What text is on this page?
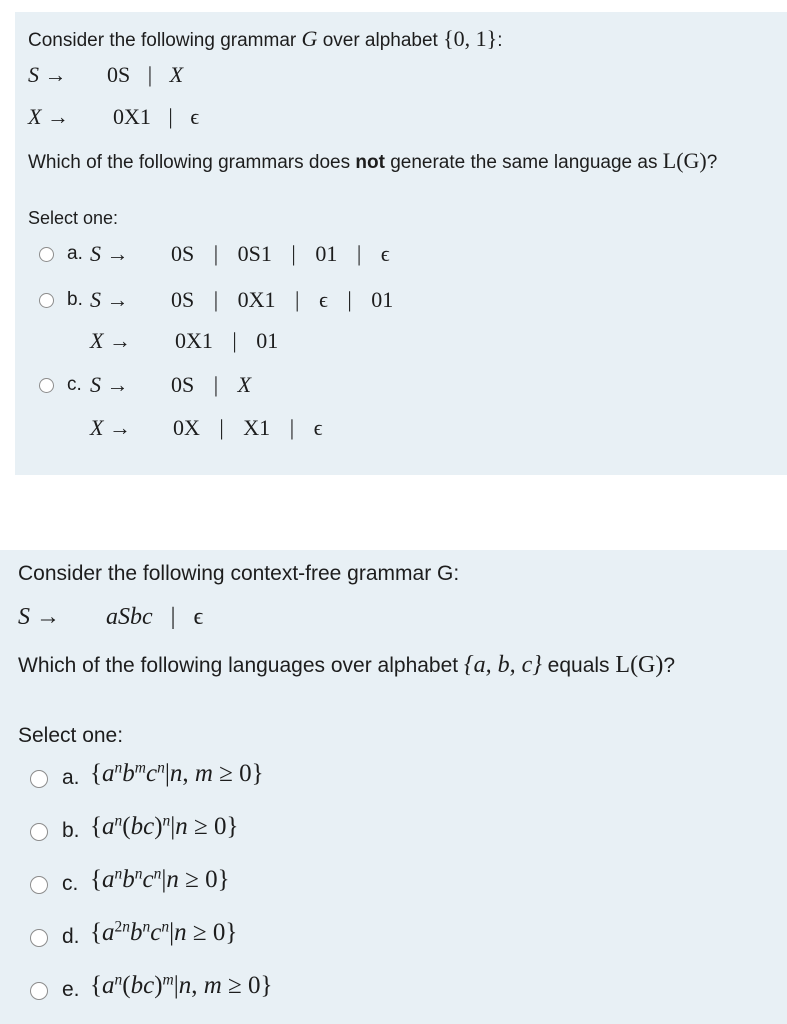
Consider the following grammar G over alphabet {0, 1}:
S → 0S | X
X → 0X1 | ϵ
Which of the following grammars does not generate the same language as L(G)?
Select one:
a. S → 0S | 0S1 | 01 | ϵ
b. S → 0S | 0X1 | ϵ | 01
X → 0X1 | 01
c. S → 0S | X
X → 0X | X1 | ϵ
Consider the following context-free grammar G:
S → aSbc | ϵ
Which of the following languages over alphabet {a, b, c} equals L(G)?
Select one:
a. {$a^nb^mc^n|n$, m ≥ 0}
b. $\{a^n(bc)^n|n \ge 0\}$
c. $\{a^nb^nc^n|n \ge 0\}$
d. $\{a^{2n}b^nc^n|n \ge 0\}$
e. {$a^n(bc)^m|n$, m ≥ 0}
